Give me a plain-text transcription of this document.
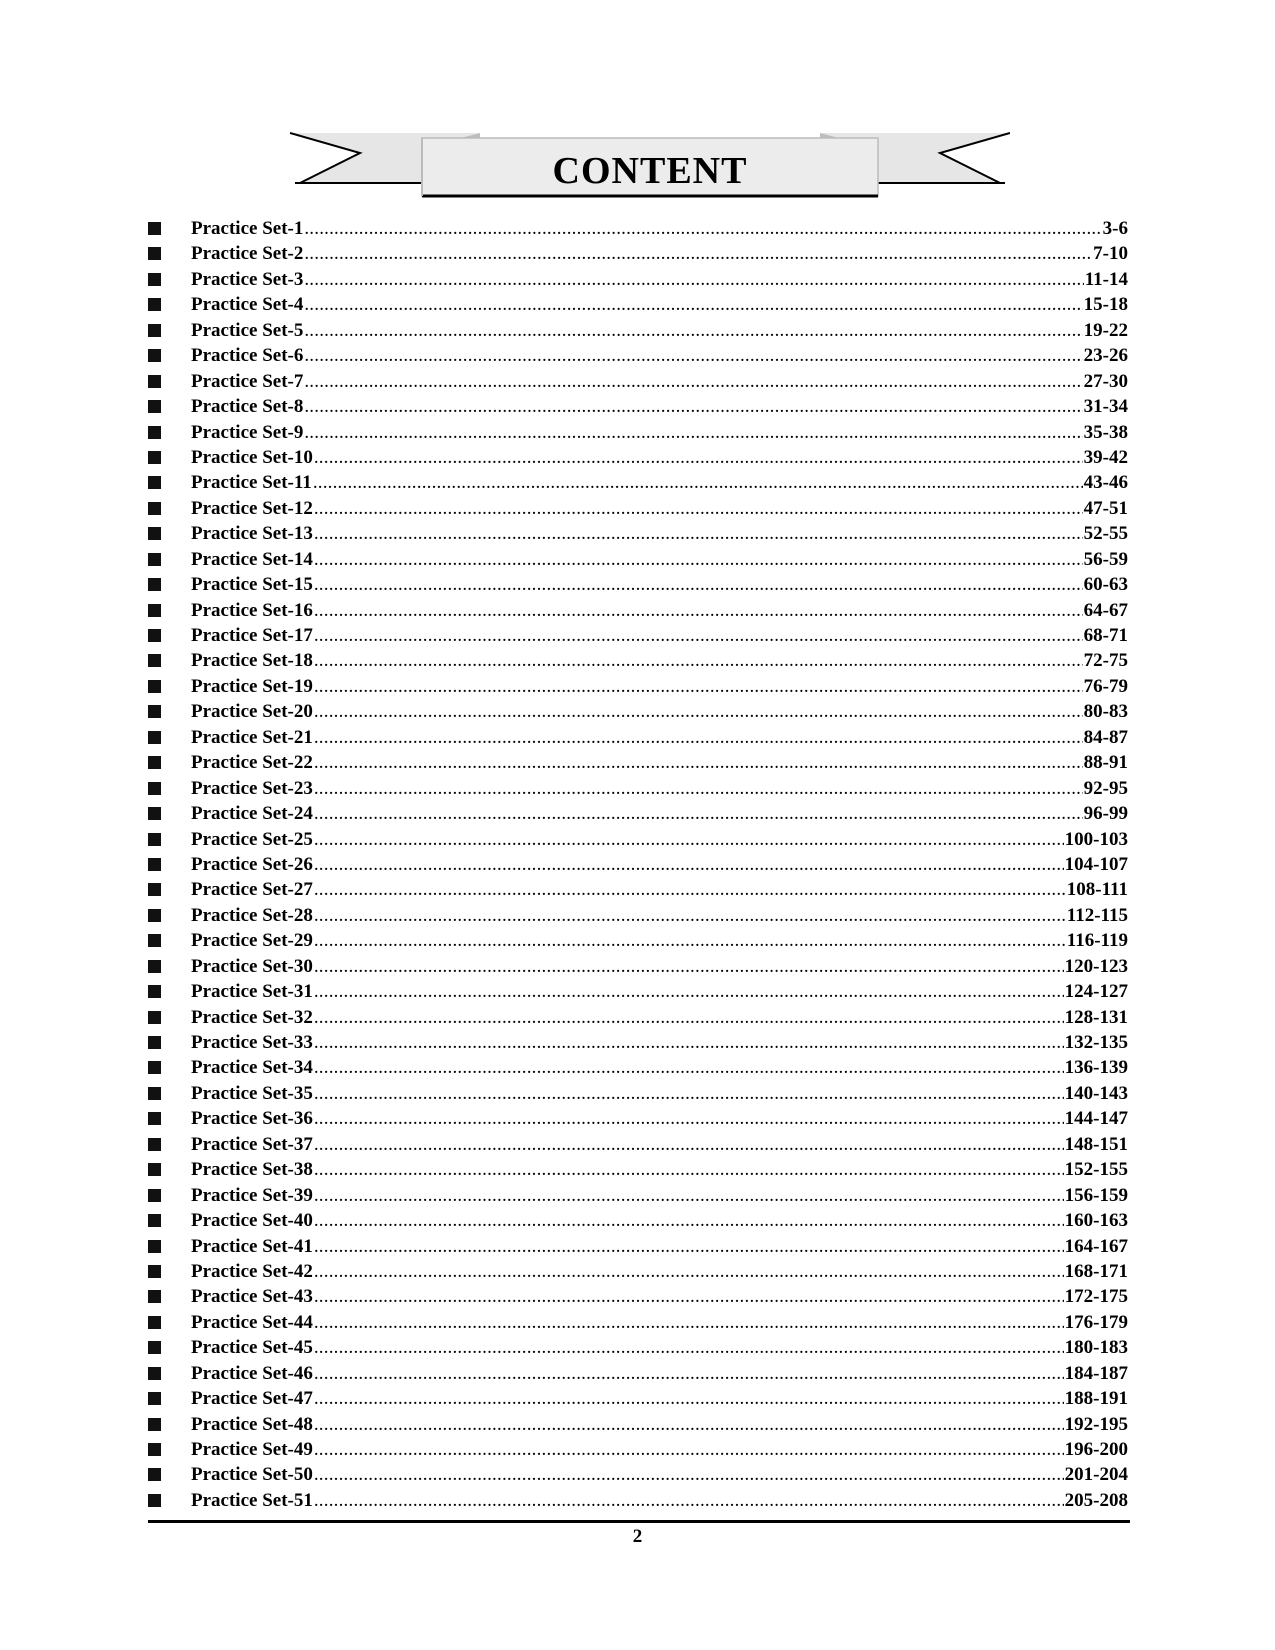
CONTENT
Practice Set-1 .....	3-6
Practice Set-2 .....	7-10
Practice Set-3 .....	11-14
Practice Set-4 .....	15-18
Practice Set-5 .....	19-22
Practice Set-6 .....	23-26
Practice Set-7 .....	27-30
Practice Set-8 .....	31-34
Practice Set-9 .....	35-38
Practice Set-10 .....	39-42
Practice Set-11 .....	43-46
Practice Set-12 .....	47-51
Practice Set-13 .....	52-55
Practice Set-14 .....	56-59
Practice Set-15 .....	60-63
Practice Set-16 .....	64-67
Practice Set-17 .....	68-71
Practice Set-18 .....	72-75
Practice Set-19 .....	76-79
Practice Set-20 .....	80-83
Practice Set-21 .....	84-87
Practice Set-22 .....	88-91
Practice Set-23 .....	92-95
Practice Set-24 .....	96-99
Practice Set-25 .....	100-103
Practice Set-26 .....	104-107
Practice Set-27 .....	108-111
Practice Set-28 .....	112-115
Practice Set-29 .....	116-119
Practice Set-30 .....	120-123
Practice Set-31 .....	124-127
Practice Set-32 .....	128-131
Practice Set-33 .....	132-135
Practice Set-34 .....	136-139
Practice Set-35 .....	140-143
Practice Set-36 .....	144-147
Practice Set-37 .....	148-151
Practice Set-38 .....	152-155
Practice Set-39 .....	156-159
Practice Set-40 .....	160-163
Practice Set-41 .....	164-167
Practice Set-42 .....	168-171
Practice Set-43 .....	172-175
Practice Set-44 .....	176-179
Practice Set-45 .....	180-183
Practice Set-46 .....	184-187
Practice Set-47 .....	188-191
Practice Set-48 .....	192-195
Practice Set-49 .....	196-200
Practice Set-50 .....	201-204
Practice Set-51 .....	205-208
2
